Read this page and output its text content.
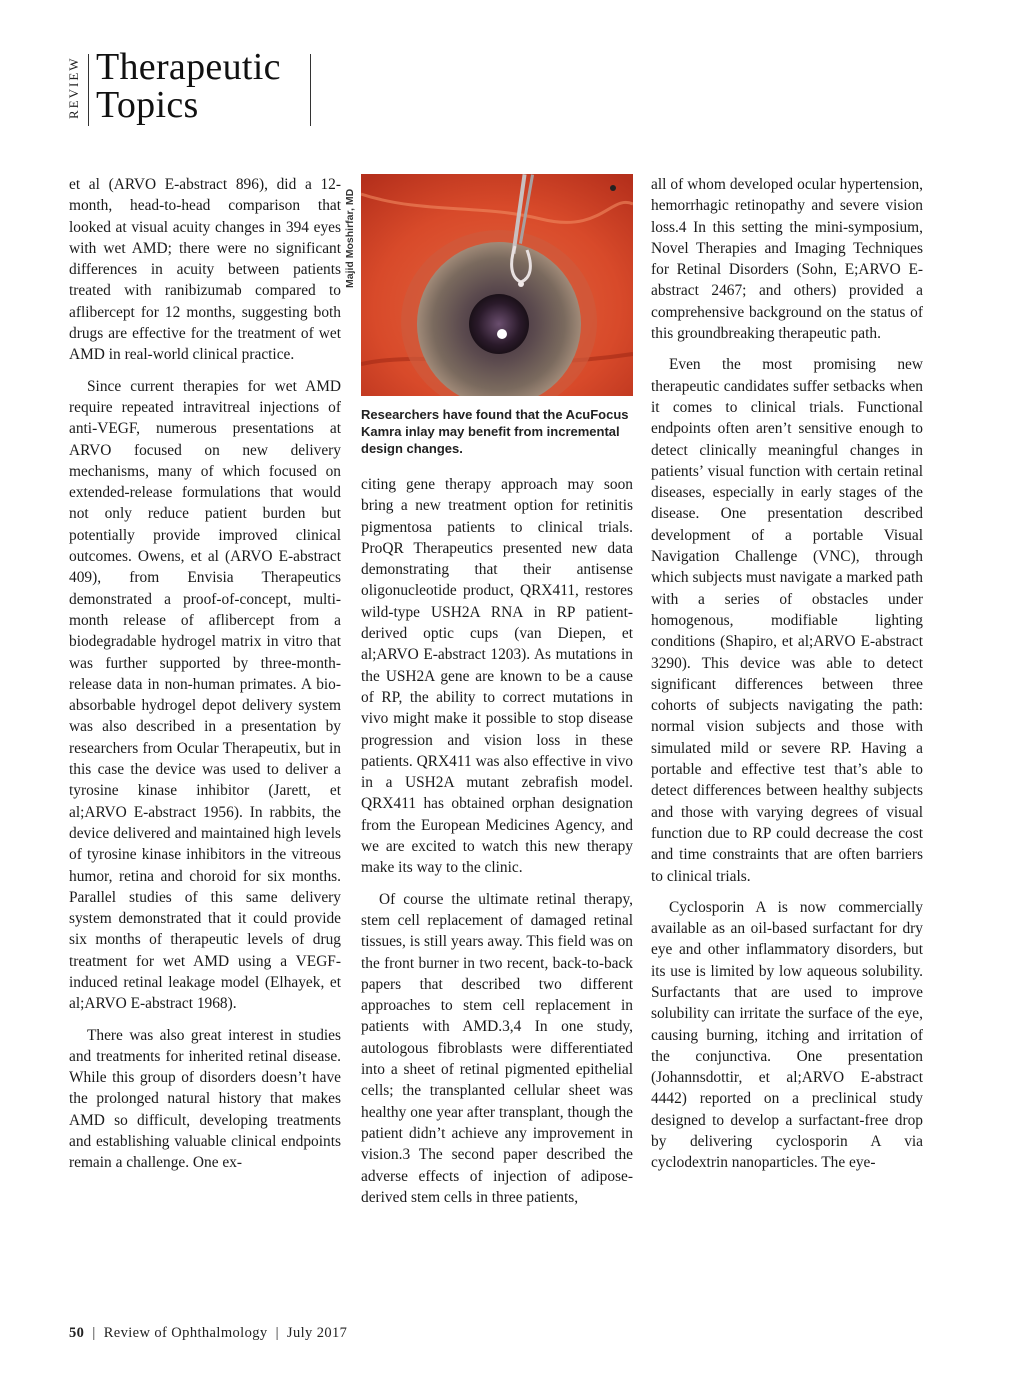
REVIEW Therapeutic
Topics

et al (ARVO E-abstract 896), did a 12-month, head-to-head comparison that looked at visual acuity changes in 394 eyes with wet AMD; there were no significant differences in acuity between patients treated with ranibizumab compared to aflibercept for 12 months, suggesting both drugs are effective for the treatment of wet AMD in real-world clinical practice.

Since current therapies for wet AMD require repeated intravitreal injections of anti-VEGF, numerous presentations at ARVO focused on new delivery mechanisms, many of which focused on extended-release formulations that would not only reduce patient burden but potentially provide improved clinical outcomes. Owens, et al (ARVO E-abstract 409), from Envisia Therapeutics demonstrated a proof-of-concept, multi-month release of aflibercept from a biodegradable hydrogel matrix in vitro that was further supported by three-month-release data in non-human primates. A bio-absorbable hydrogel depot delivery system was also described in a presentation by researchers from Ocular Therapeutix, but in this case the device was used to deliver a tyrosine kinase inhibitor (Jarett, et al;ARVO E-abstract 1956). In rabbits, the device delivered and maintained high levels of tyrosine kinase inhibitors in the vitreous humor, retina and choroid for six months. Parallel studies of this same delivery system demonstrated that it could provide six months of therapeutic levels of drug treatment for wet AMD using a VEGF-induced retinal leakage model (Elhayek, et al;ARVO E-abstract 1968).

There was also great interest in studies and treatments for inherited retinal disease. While this group of disorders doesn’t have the prolonged natural history that makes AMD so difficult, developing treatments and establishing valuable clinical endpoints remain a challenge. One ex-

Majid Moshirfar, MD

Researchers have found that the AcuFocus Kamra inlay may benefit from incremental design changes.

citing gene therapy approach may soon bring a new treatment option for retinitis pigmentosa patients to clinical trials. ProQR Therapeutics presented new data demonstrating that their antisense oligonucleotide product, QRX411, restores wild-type USH2A RNA in RP patient-derived optic cups (van Diepen, et al;ARVO E-abstract 1203). As mutations in the USH2A gene are known to be a cause of RP, the ability to correct mutations in vivo might make it possible to stop disease progression and vision loss in these patients. QRX411 was also effective in vivo in a USH2A mutant zebrafish model. QRX411 has obtained orphan designation from the European Medicines Agency, and we are excited to watch this new therapy make its way to the clinic.

Of course the ultimate retinal therapy, stem cell replacement of damaged retinal tissues, is still years away. This field was on the front burner in two recent, back-to-back papers that described two different approaches to stem cell replacement in patients with AMD.3,4 In one study, autologous fibroblasts were differentiated into a sheet of retinal pigmented epithelial cells; the transplanted cellular sheet was healthy one year after transplant, though the patient didn’t achieve any improvement in vision.3 The second paper described the adverse effects of injection of adipose-derived stem cells in three patients,

all of whom developed ocular hypertension, hemorrhagic retinopathy and severe vision loss.4 In this setting the mini-symposium, Novel Therapies and Imaging Techniques for Retinal Disorders (Sohn, E;ARVO E-abstract 2467; and others) provided a comprehensive background on the status of this groundbreaking therapeutic path.

Even the most promising new therapeutic candidates suffer setbacks when it comes to clinical trials. Functional endpoints often aren’t sensitive enough to detect clinically meaningful changes in patients’ visual function with certain retinal diseases, especially in early stages of the disease. One presentation described development of a portable Visual Navigation Challenge (VNC), through which subjects must navigate a marked path with a series of obstacles under homogenous, modifiable lighting conditions (Shapiro, et al;ARVO E-abstract 3290). This device was able to detect significant differences between three cohorts of subjects navigating the path: normal vision subjects and those with simulated mild or severe RP. Having a portable and effective test that’s able to detect differences between healthy subjects and those with varying degrees of visual function due to RP could decrease the cost and time constraints that are often barriers to clinical trials.

Cyclosporin A is now commercially available as an oil-based surfactant for dry eye and other inflammatory disorders, but its use is limited by low aqueous solubility. Surfactants that are used to improve solubility can irritate the surface of the eye, causing burning, itching and irritation of the conjunctiva. One presentation (Johannsdottir, et al;ARVO E-abstract 4442) reported on a preclinical study designed to develop a surfactant-free drop by delivering cyclosporin A via cyclodextrin nanoparticles. The eye-

50 | Review of Ophthalmology | July 2017
